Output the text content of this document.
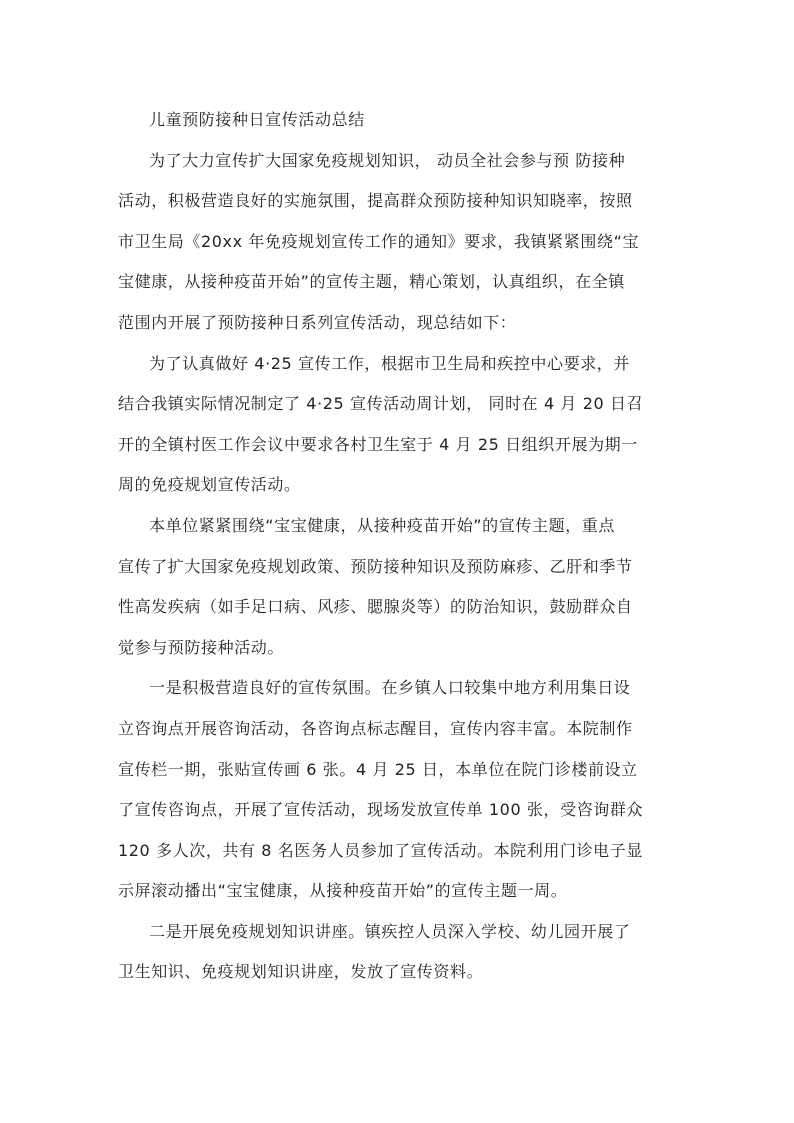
儿童预防接种日宣传活动总结
为了大力宣传扩大国家免疫规划知识， 动员全社会参与预 防接种
活动，积极营造良好的实施氛围，提高群众预防接种知识知晓率，按照
市卫生局《20xx 年免疫规划宣传工作的通知》要求，我镇紧紧围绕“宝
宝健康，从接种疫苗开始”的宣传主题，精心策划，认真组织，在全镇
范围内开展了预防接种日系列宣传活动，现总结如下：
为了认真做好 4·25 宣传工作，根据市卫生局和疾控中心要求，并
结合我镇实际情况制定了 4·25 宣传活动周计划， 同时在 4 月 20 日召
开的全镇村医工作会议中要求各村卫生室于 4 月 25 日组织开展为期一
周的免疫规划宣传活动。
本单位紧紧围绕“宝宝健康，从接种疫苗开始”的宣传主题，重点
宣传了扩大国家免疫规划政策、预防接种知识及预防麻疹、乙肝和季节
性高发疾病（如手足口病、风疹、腮腺炎等）的防治知识，鼓励群众自
觉参与预防接种活动。
一是积极营造良好的宣传氛围。在乡镇人口较集中地方利用集日设
立咨询点开展咨询活动，各咨询点标志醒目，宣传内容丰富。本院制作
宣传栏一期，张贴宣传画 6 张。4 月 25 日，本单位在院门诊楼前设立
了宣传咨询点，开展了宣传活动，现场发放宣传单 100 张，受咨询群众
120 多人次，共有 8 名医务人员参加了宣传活动。本院利用门诊电子显
示屏滚动播出“宝宝健康，从接种疫苗开始”的宣传主题一周。
二是开展免疫规划知识讲座。镇疾控人员深入学校、幼儿园开展了
卫生知识、免疫规划知识讲座，发放了宣传资料。
